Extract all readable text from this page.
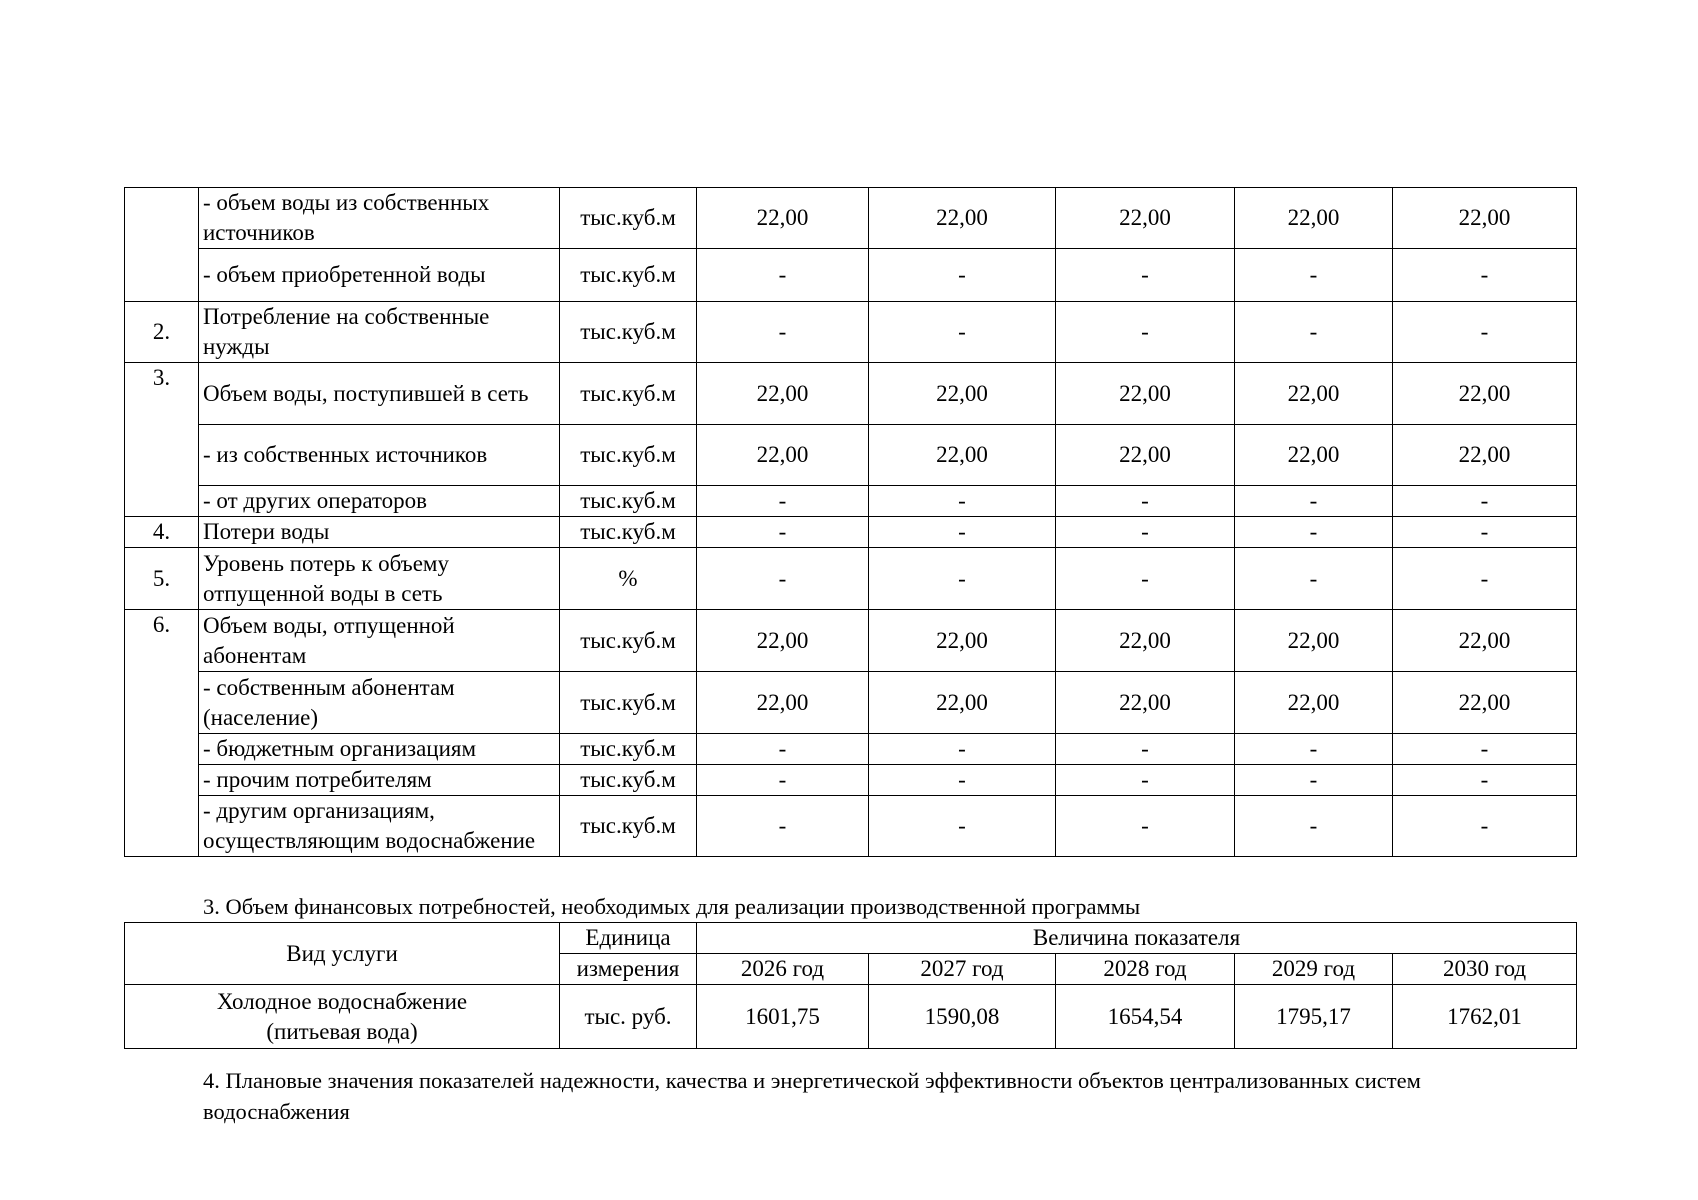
	- объем воды из собственных источников	тыс.куб.м	22,00	22,00	22,00	22,00	22,00
	- объем приобретенной воды	тыс.куб.м	-	-	-	-	-
2.	Потребление на собственные нужды	тыс.куб.м	-	-	-	-	-
3.	Объем воды, поступившей в сеть	тыс.куб.м	22,00	22,00	22,00	22,00	22,00
	- из собственных источников	тыс.куб.м	22,00	22,00	22,00	22,00	22,00
	- от других операторов	тыс.куб.м	-	-	-	-	-
4.	Потери воды	тыс.куб.м	-	-	-	-	-
5.	Уровень потерь к объему отпущенной воды в сеть	%	-	-	-	-	-
6.	Объем воды, отпущенной абонентам	тыс.куб.м	22,00	22,00	22,00	22,00	22,00
	- собственным абонентам (население)	тыс.куб.м	22,00	22,00	22,00	22,00	22,00
	- бюджетным организациям	тыс.куб.м	-	-	-	-	-
	- прочим потребителям	тыс.куб.м	-	-	-	-	-
	- другим организациям, осуществляющим водоснабжение	тыс.куб.м	-	-	-	-	-
3. Объем финансовых потребностей, необходимых для реализации производственной программы
Вид услуги	Единица	Величина показателя				
	измерения	2026 год	2027 год	2028 год	2029 год	2030 год

Холодное водоснабжение
(питьевая вода)	тыс. руб.	1601,75	1590,08	1654,54	1795,17	1762,01
4. Плановые значения показателей надежности, качества и энергетической эффективности объектов централизованных систем
водоснабжения
